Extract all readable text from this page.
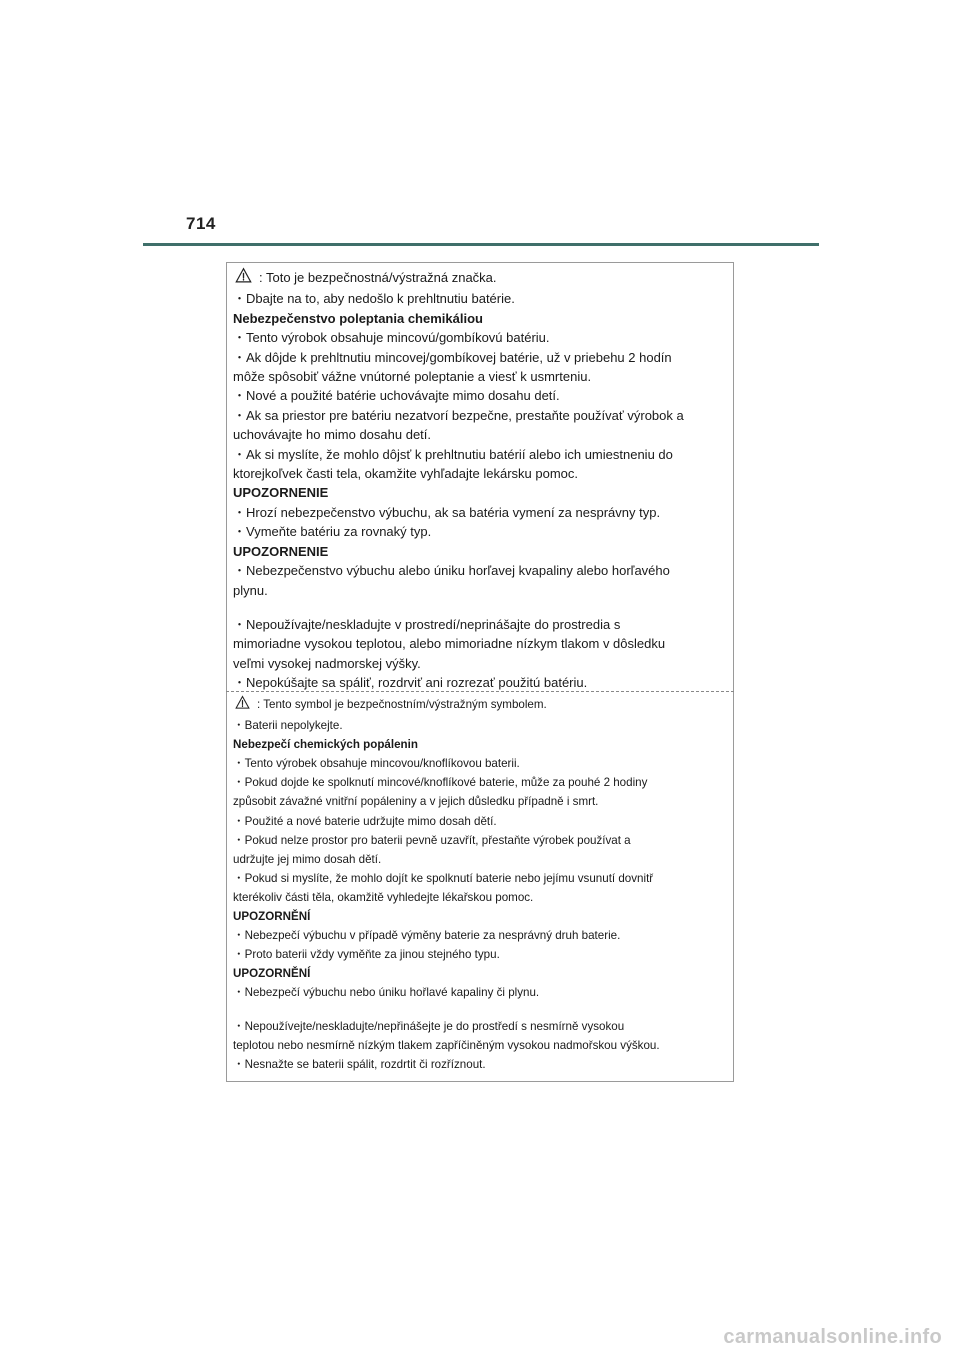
714
: Toto je bezpečnostná/výstražná značka.
・Dbajte na to, aby nedošlo k prehltnutiu batérie.
Nebezpečenstvo poleptania chemikáliou
・Tento výrobok obsahuje mincovú/gombíkovú batériu.
・Ak dôjde k prehltnutiu mincovej/gombíkovej batérie, už v priebehu 2 hodín
môže spôsobiť vážne vnútorné poleptanie a viesť k usmrteniu.
・Nové a použité batérie uchovávajte mimo dosahu detí.
・Ak sa priestor pre batériu nezatvorí bezpečne, prestaňte používať výrobok a
uchovávajte ho mimo dosahu detí.
・Ak si myslíte, že mohlo dôjsť k prehltnutiu batérií alebo ich umiestneniu do
ktorejkoľvek časti tela, okamžite vyhľadajte lekársku pomoc.
UPOZORNENIE
・Hrozí nebezpečenstvo výbuchu, ak sa batéria vymení za nesprávny typ.
・Vymeňte batériu za rovnaký typ.
UPOZORNENIE
・Nebezpečenstvo výbuchu alebo úniku horľavej kvapaliny alebo horľavého
plynu.
・Nepoužívajte/neskladujte v prostredí/neprinášajte do prostredia s
mimoriadne vysokou teplotou, alebo mimoriadne nízkym tlakom v dôsledku
veľmi vysokej nadmorskej výšky.
・Nepokúšajte sa spáliť, rozdrviť ani rozrezať použitú batériu.
: Tento symbol je bezpečnostním/výstražným symbolem.
・Baterii nepolykejte.
Nebezpečí chemických popálenin
・Tento výrobek obsahuje mincovou/knoflíkovou baterii.
・Pokud dojde ke spolknutí mincové/knoflíkové baterie, může za pouhé 2 hodiny
způsobit závažné vnitřní popáleniny a v jejich důsledku případně i smrt.
・Použité a nové baterie udržujte mimo dosah dětí.
・Pokud nelze prostor pro baterii pevně uzavřít, přestaňte výrobek používat a
udržujte jej mimo dosah dětí.
・Pokud si myslíte, že mohlo dojít ke spolknutí baterie nebo jejímu vsunutí dovnitř
kterékoliv části těla, okamžitě vyhledejte lékařskou pomoc.
UPOZORNĚNÍ
・Nebezpečí výbuchu v případě výměny baterie za nesprávný druh baterie.
・Proto baterii vždy vyměňte za jinou stejného typu.
UPOZORNĚNÍ
・Nebezpečí výbuchu nebo úniku hořlavé kapaliny či plynu.
・Nepoužívejte/neskladujte/nepřinášejte je do prostředí s nesmírně vysokou
teplotou nebo nesmírně nízkým tlakem zapříčiněným vysokou nadmořskou výškou.
・Nesnažte se baterii spálit, rozdrtit či rozříznout.
carmanualsonline.info
